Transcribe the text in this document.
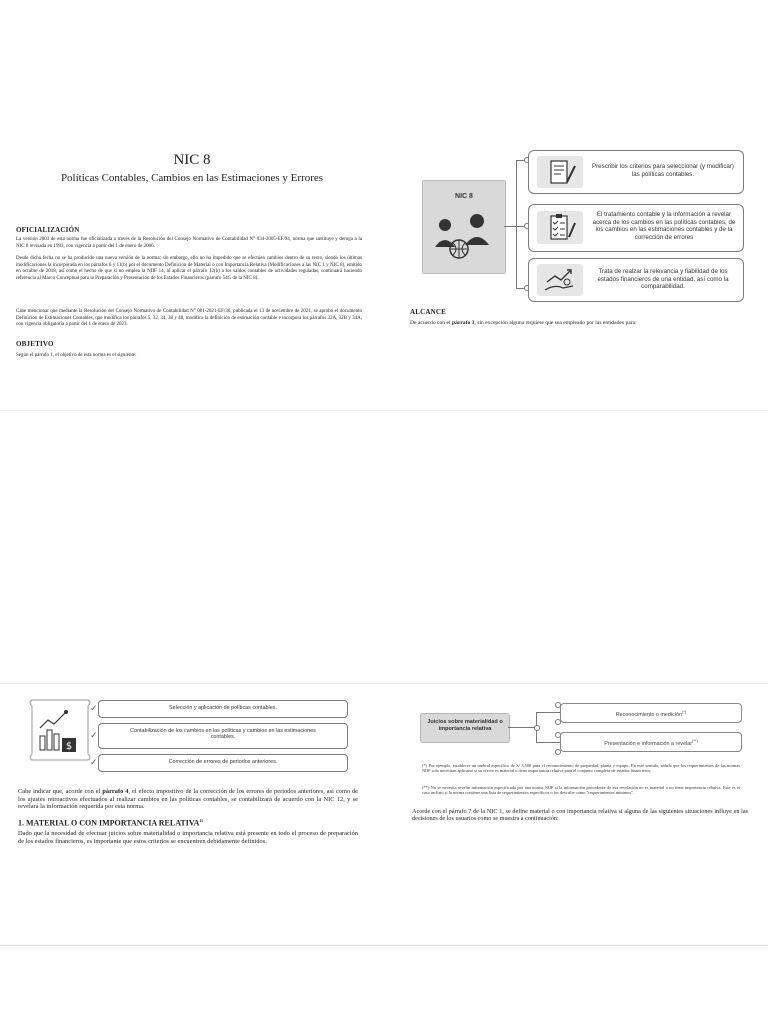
NIC 8
Políticas Contables, Cambios en las Estimaciones y Errores
OFICIALIZACIÓN
La versión 2003 de esta norma fue oficializada a través de la Resolución del Consejo Normativo de Contabilidad N° 034-2005-EF/94, norma que sustituye y deroga a la NIC 8 revisada en 1993, con vigencia a partir del 1 de enero de 2006.
Desde dicha fecha no se ha producido una nueva versión de la norma; sin embargo, ello no ha impedido que se efectúen cambios dentro de su texto, siendo los últimas modificaciones la incorporada en los párrafos 6 y 11(b) por el documento Definición de Material o con Importancia Relativa (Modificaciones a las NIC 1 y NIC 8), emitido en octubre de 2018, así como el hecho de que si no emplea la NIIF 14, al aplicar el párrafo 12(b) a los saldos contables de actividades reguladas, continuará haciendo referencia al Marco Conceptual para la Preparación y Presentación de los Estados Financieros (párrafo 54G de la NIC 8).
Cabe mencionar que mediante la Resolución del Consejo Normativo de Contabilidad N° 001-2021-EF/30, publicada el 13 de noviembre de 2021, se aprobó el documento Definición de Estimaciones Contables, que modifica los párrafos 5, 32, 34, 38 y 48, modifica la definición de estimación contable e incorpora los párrafos 32A, 32B y 34A, con vigencia obligatoria a partir del 1 de enero de 2023.
OBJETIVO
Según el párrafo 1, el objetivo de esta norma es el siguiente:
NIC 8
Prescribir los criterios para seleccionar (y modificar) las políticas contables.
El tratamiento contable y la información a revelar acerca de los cambios en las políticas contables, de los cambios en las estimaciones contables y de la corrección de errores
Trata de realzar la relevancia y fiabilidad de los estados financieros de una entidad, así como la comparabilidad.
ALCANCE
De acuerdo con el párrafo 3, sin excepción alguna requiere que sea empleado por las entidades para:
$
✓	Selección y aplicación de políticas contables.
✓	Contabilización de los cambios en las políticas y cambios en las estimaciones contables.
✓	Corrección de errores de periodos anteriores.
Cabe indicar que, acorde con el párrafo 4, el efecto impositivo de la corrección de los errores de periodos anteriores, así como de los ajustes retroactivos efectuados al realizar cambios en las políticas contables, se contabilizará de acuerdo con la NIC 12, y se revelará la información requerida por esta norma.
1. MATERIAL O CON IMPORTANCIA RELATIVA$^{11}$
Dado que la necesidad de efectuar juicios sobre materialidad o importancia relativa está presente en todo el proceso de preparación de los estados financieros, es importante que estos criterios se encuentren debidamente definidos.
Juicios sobre materialidad o importancia relativa
Reconocimiento o medición(*)
Presentación e información a revelar(**)
(*) Por ejemplo, establecer un umbral específico de S/ 3,500 para el reconocimiento de propiedad, planta y equipo. En este sentido, señala que los requerimientos de las normas NIIF solo necesitan aplicarse si su efecto es material o tiene importancia relativa para el conjunto completo de estados financieros.
(**) No se necesita revelar información especificada por una norma NIIF si la información procedente de esa revelación no es material o no tiene importancia relativa. Este es el caso incluso si la norma contiene una lista de requerimientos específicos o los describe como "requerimientos mínimos".
Acorde con el párrafo 7 de la NIC 1, se define material o con importancia relativa si alguna de las siguientes situaciones influye en las decisiones de los usuarios como se muestra a continuación:
